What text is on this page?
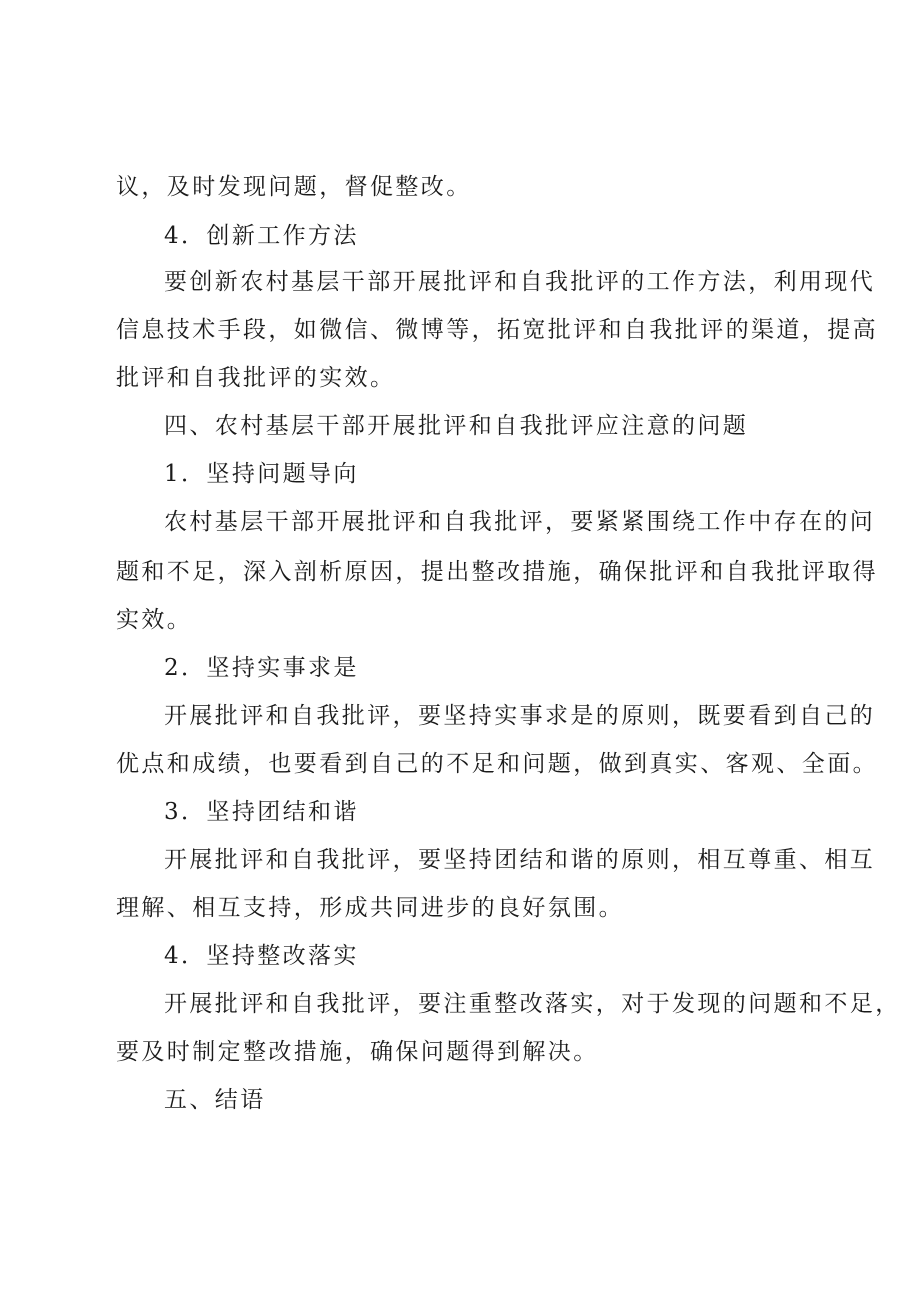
议，及时发现问题，督促整改。
4．创新工作方法
要创新农村基层干部开展批评和自我批评的工作方法，利用现代
信息技术手段，如微信、微博等，拓宽批评和自我批评的渠道，提高
批评和自我批评的实效。
四、农村基层干部开展批评和自我批评应注意的问题
1．坚持问题导向
农村基层干部开展批评和自我批评，要紧紧围绕工作中存在的问
题和不足，深入剖析原因，提出整改措施，确保批评和自我批评取得
实效。
2．坚持实事求是
开展批评和自我批评，要坚持实事求是的原则，既要看到自己的
优点和成绩，也要看到自己的不足和问题，做到真实、客观、全面。
3．坚持团结和谐
开展批评和自我批评，要坚持团结和谐的原则，相互尊重、相互
理解、相互支持，形成共同进步的良好氛围。
4．坚持整改落实
开展批评和自我批评，要注重整改落实，对于发现的问题和不足，
要及时制定整改措施，确保问题得到解决。
五、结语
